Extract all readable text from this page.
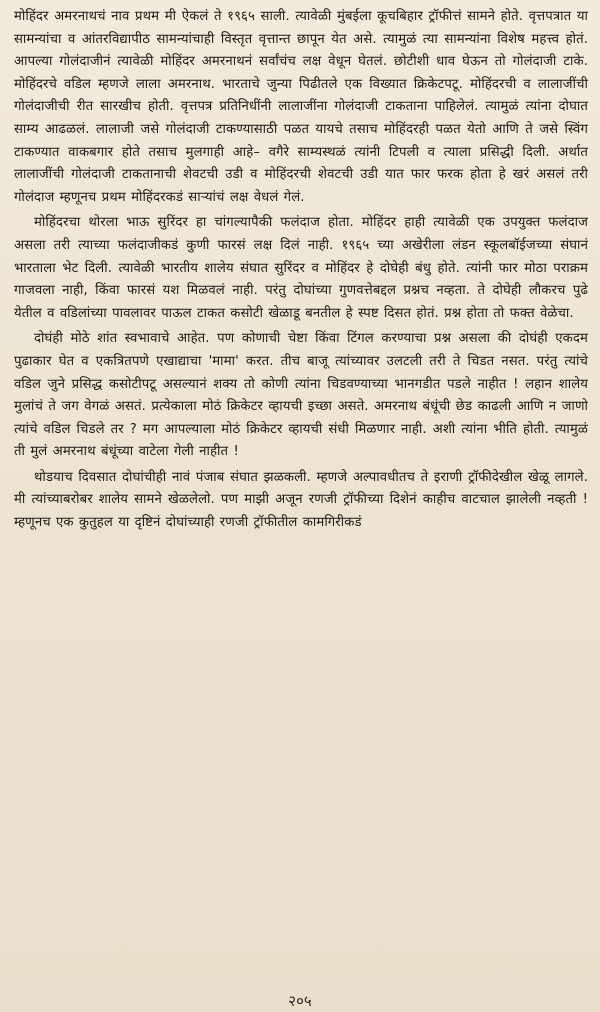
मोहिंदर अमरनाथचं नाव प्रथम मी ऐकलं ते १९६५ साली. त्यावेळी मुंबईला कूचबिहार ट्रॉफीत्तं सामने होते. वृत्तपत्रात या सामन्यांचा व आंतरविद्यापीठ सामन्यांचाही विस्तृत वृत्तान्त छापून येत असे. त्यामुळं त्या सामन्यांना विशेष महत्त्व होतं. आपल्या गोलंदाजीनं त्यावेळी मोहिंदर अमरनाथनं सर्वांचंच लक्ष वेधून घेतलं. छोटीशी धाव घेऊन तो गोलंदाजी टाके. मोहिंदरचे वडिल म्हणजे लाला अमरनाथ. भारताचे जुन्या पिढीतले एक विख्यात क्रिकेटपटू. मोहिंदरची व लालाजींची गोलंदाजीची रीत सारखीच होती. वृत्तपत्र प्रतिनिधींनी लालाजींना गोलंदाजी टाकताना पाहिलेलं. त्यामुळं त्यांना दोघात साम्य आढळलं. लालाजी जसे गोलंदाजी टाकण्यासाठी पळत यायचे तसाच मोहिंदरही पळत येतो आणि ते जसे स्विंग टाकण्यात वाकबगार होते तसाच मुलगाही आहे– वगैरे साम्यस्थळं त्यांनी टिपली व त्याला प्रसिद्धी दिली. अर्थात लालाजींची गोलंदाजी टाकतानाची शेवटची उडी व मोहिंदरची शेवटची उडी यात फार फरक होता हे खरं असलं तरी गोलंदाज म्हणूनच प्रथम मोहिंदरकडं साऱ्यांचं लक्ष वेधलं गेलं.

मोहिंदरचा थोरला भाऊ सुरिंदर हा चांगल्यापैकी फलंदाज होता. मोहिंदर हाही त्यावेळी एक उपयुक्त फलंदाज असला तरी त्याच्या फलंदाजीकडं कुणी फारसं लक्ष दिलं नाही. १९६५ च्या अखेरीला लंडन स्कूलबॉईजच्या संघानं भारताला भेट दिली. त्यावेळी भारतीय शालेय संघात सुरिंदर व मोहिंदर हे दोघेही बंधु होते. त्यांनी फार मोठा पराक्रम गाजवला नाही, किंवा फारसं यश मिळवलं नाही. परंतु दोघांच्या गुणवत्तेबद्दल प्रश्नच नव्हता. ते दोघेही लौकरच पुढे येतील व वडिलांच्या पावलावर पाऊल टाकत कसोटी खेळाडू बनतील हे स्पष्ट दिसत होतं. प्रश्न होता तो फक्त वेळेचा.

दोघंही मोठे शांत स्वभावाचे आहेत. पण कोणाची चेष्टा किंवा टिंगल करण्याचा प्रश्न असला की दोघंही एकदम पुढाकार घेत व एकत्रितपणे एखाद्याचा 'मामा' करत. तीच बाजू त्यांच्यावर उलटली तरी ते चिडत नसत. परंतु त्यांचे वडिल जुने प्रसिद्ध कसोटीपटू असल्यानं शक्य तो कोणी त्यांना चिडवण्याच्या भानगडीत पडले नाहीत ! लहान शालेय मुलांचं ते जग वेगळं असतं. प्रत्येकाला मोठं क्रिकेटर व्हायची इच्छा असते. अमरनाथ बंधूंची छेड काढली आणि न जाणो त्यांचे वडिल चिडले तर ? मग आपल्याला मोठं क्रिकेटर व्हायची संधी मिळणार नाही. अशी त्यांना भीति होती. त्यामुळं ती मुलं अमरनाथ बंधूंच्या वाटेला गेली नाहीत !

थोडयाच दिवसात दोघांचीही नावं पंजाब संघात झळकली. म्हणजे अल्पावधीतच ते इराणी ट्रॉफीदेखील खेळू लागले. मी त्यांच्याबरोबर शालेय सामने खेळलेलो. पण माझी अजून रणजी ट्रॉफीच्या दिशेनं काहीच वाटचाल झालेली नव्हती ! म्हणूनच एक कुतुहल या दृष्टिनं दोघांच्याही रणजी ट्रॉफीतील कामगिरीकडं

२०५
